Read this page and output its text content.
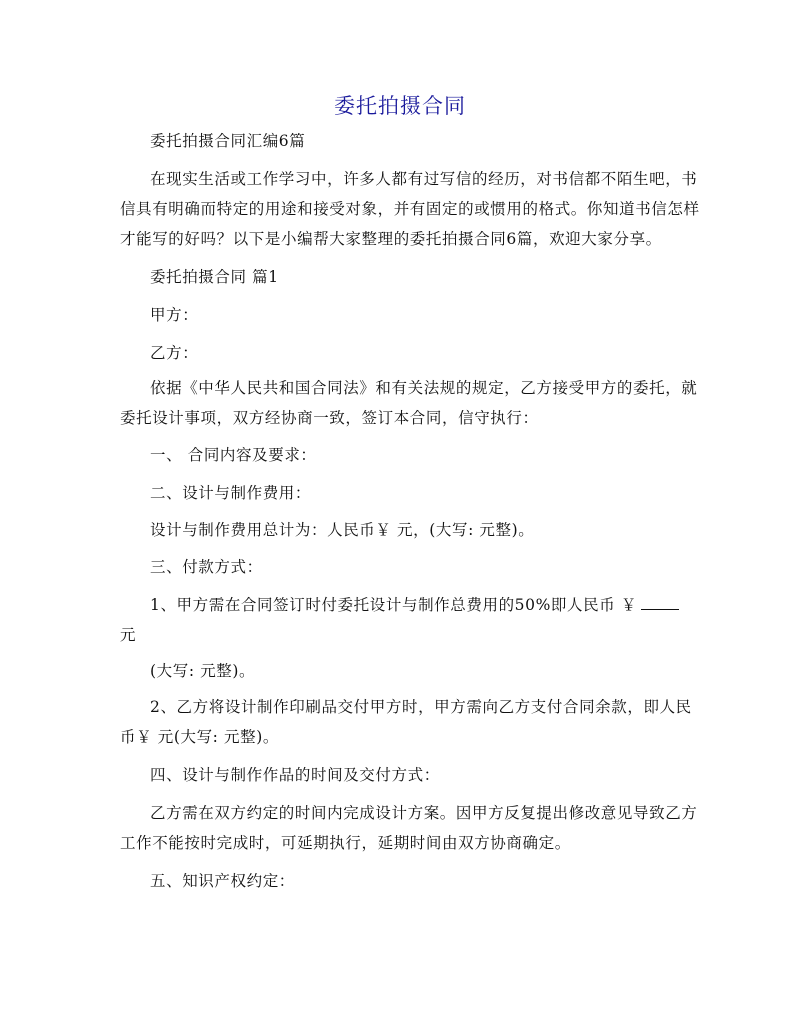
委托拍摄合同
委托拍摄合同汇编6篇
在现实生活或工作学习中，许多人都有过写信的经历，对书信都不陌生吧，书
信具有明确而特定的用途和接受对象，并有固定的或惯用的格式。你知道书信怎样
才能写的好吗？以下是小编帮大家整理的委托拍摄合同6篇，欢迎大家分享。
委托拍摄合同 篇1
甲方：
乙方：
依据《中华人民共和国合同法》和有关法规的规定，乙方接受甲方的委托，就
委托设计事项，双方经协商一致，签订本合同，信守执行：
一、 合同内容及要求：
二、设计与制作费用：
设计与制作费用总计为：人民币￥ 元，(大写: 元整)。
三、付款方式：
1、甲方需在合同签订时付委托设计与制作总费用的50%即人民币 ￥
元
(大写: 元整)。
2、乙方将设计制作印刷品交付甲方时，甲方需向乙方支付合同余款，即人民
币￥ 元(大写: 元整)。
四、设计与制作作品的时间及交付方式：
乙方需在双方约定的时间内完成设计方案。因甲方反复提出修改意见导致乙方
工作不能按时完成时，可延期执行，延期时间由双方协商确定。
五、知识产权约定：
